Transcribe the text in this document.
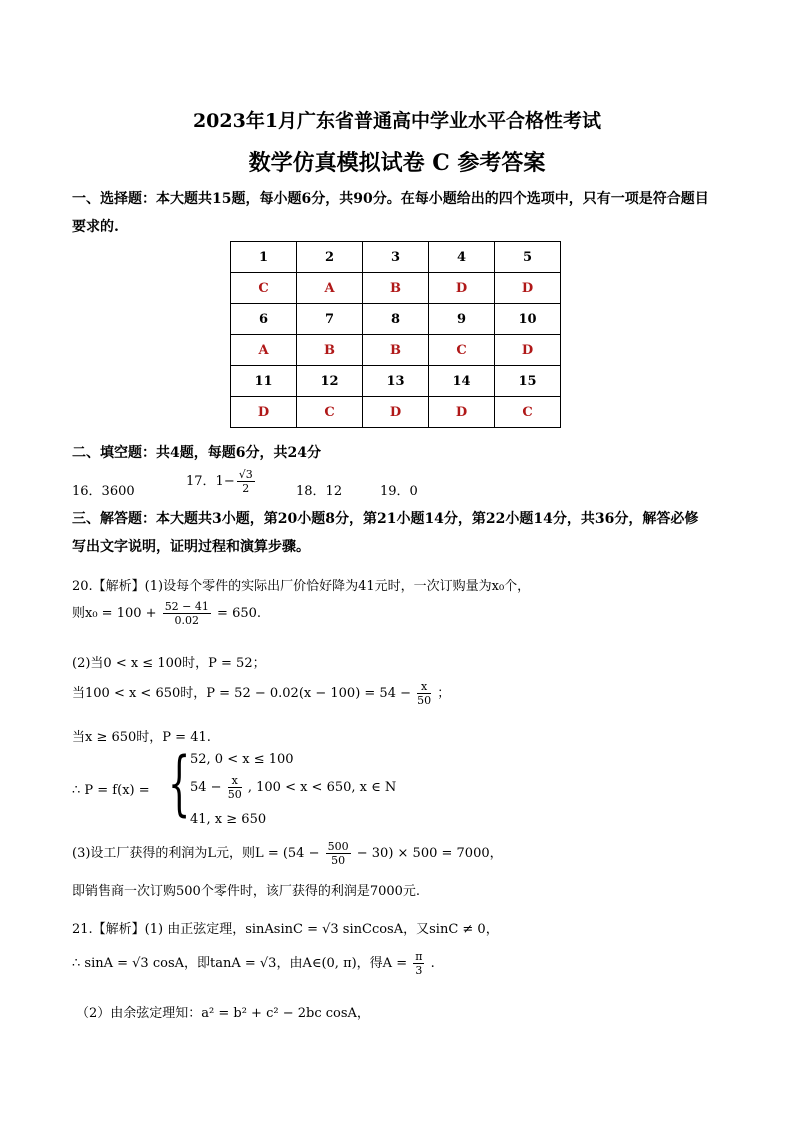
2023年1月广东省普通高中学业水平合格性考试
数学仿真模拟试卷 C 参考答案
一、选择题：本大题共15题，每小题6分，共90分。在每小题给出的四个选项中，只有一项是符合题目
要求的.
1	2	3	4	5
C	A	B	D	D
6	7	8	9	10
A	B	B	C	D
11	12	13	14	15
D	C	D	D	C
二、填空题：共4题，每题6分，共24分
16．3600
17．$1- \frac{√3}{2}$	18．12	19．0
三、解答题：本大题共3小题，第20小题8分，第21小题14分，第22小题14分，共36分，解答必修
写出文字说明，证明过程和演算步骤。
20.【解析】(1)设每个零件的实际出厂价恰好降为41元时，一次订购量为x₀个，
则$x_0 = 100 + \frac{52 - 41}{0.02} = 650$.
(2)当0 < x ≤ 100时，P = 52；
当100 < x < 650时，$P = 52 - 0.02(x - 100) = 54 - \frac{x}{50}$ ；
当x ≥ 650时，P = 41.
∴ P = f(x) = { 52, 0 < x ≤ 100
$54 - \frac{x}{50}$ , 100 < x < 650, x ∈ N
41, x ≥ 650
(3)设工厂获得的利润为L元，则$L = (54 - \frac{500}{50} - 30) \times 500 = 7000$，
即销售商一次订购500个零件时，该厂获得的利润是7000元.
21.【解析】(1) 由正弦定理，sinAsinC = √3 sinCcosA，又sinC ≠ 0，
∴ sinA = √3 cosA，即tanA = √3，由A∈(0, π)，得$A = \frac{\pi}{3}$ .
（2）由余弦定理知：a² = b² + c² − 2bc cosA，
